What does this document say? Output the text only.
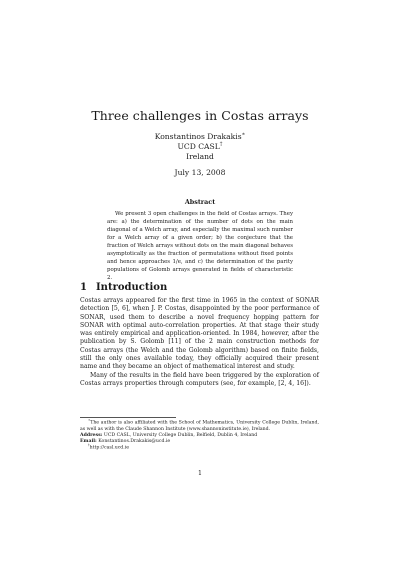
Three challenges in Costas arrays
Konstantinos Drakakis∗
UCD CASL†
Ireland
July 13, 2008
Abstract

We present 3 open challenges in the field of Costas arrays. They are: a) the determination of the number of dots on the main diagonal of a Welch array, and especially the maximal such number for a Welch array of a given order; b) the conjecture that the fraction of Welch arrays without dots on the main diagonal behaves asymptotically as the fraction of permutations without fixed points and hence approaches 1/e, and c) the determination of the parity populations of Golomb arrays generated in fields of characteristic 2.

1 Introduction

Costas arrays appeared for the first time in 1965 in the context of SONAR detection [5, 6], when J. P. Costas, disappointed by the poor performance of SONAR, used them to describe a novel frequency hopping pattern for SONAR with optimal auto-correlation properties. At that stage their study was entirely empirical and application-oriented. In 1984, however, after the publication by S. Golomb [11] of the 2 main construction methods for Costas arrays (the Welch and the Golomb algorithm) based on finite fields, still the only ones available today, they officially acquired their present name and they became an object of mathematical interest and study.

Many of the results in the field have been triggered by the exploration of Costas arrays properties through computers (see, for example, [2, 4, 16]).

∗The author is also affiliated with the School of Mathematics, University College Dublin, Ireland, as well as with the Claude Shannon Institute (www.shannoninstitute.ie), Ireland.

Address: UCD CASL, University College Dublin, Belfield, Dublin 4, Ireland

Email: Konstantinos.Drakakis@ucd.ie

†http://casl.ucd.ie

1
